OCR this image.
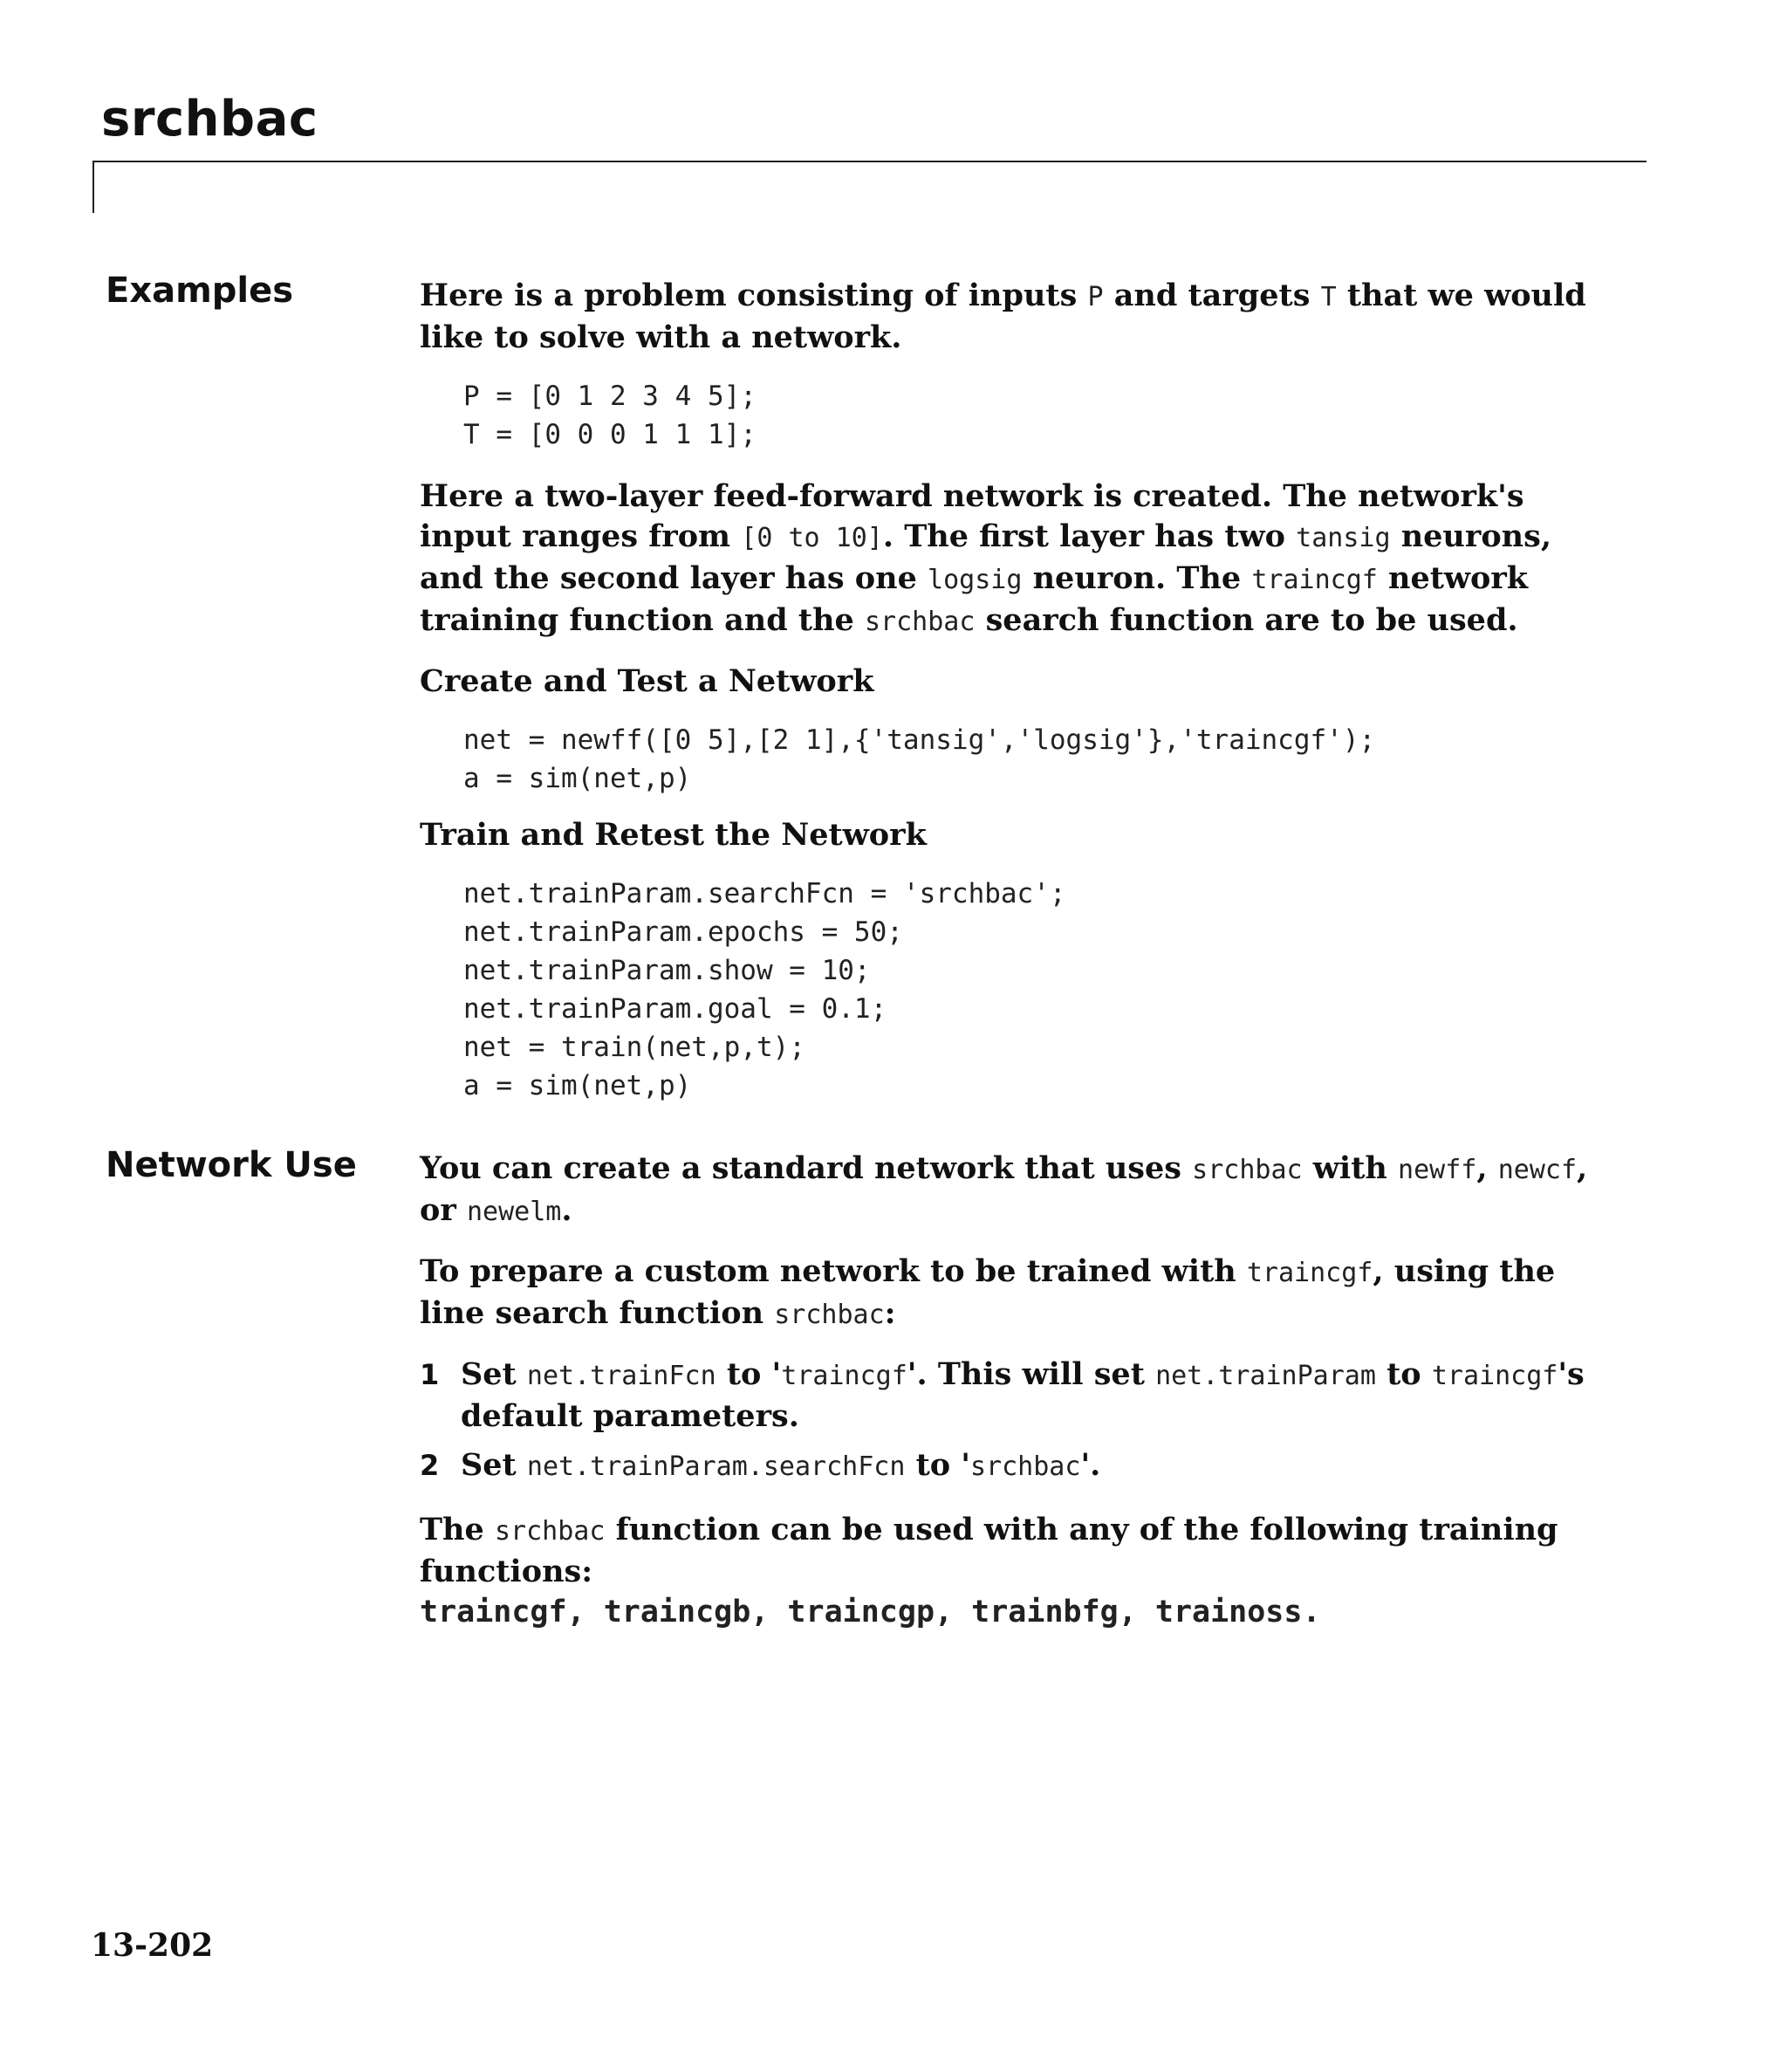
srchbac
Examples	Here is a problem consisting of inputs P and targets T that we would like to solve with a network.

P = [0 1 2 3 4 5];
T = [0 0 0 1 1 1];

Here a two-layer feed-forward network is created. The network's input ranges from [0 to 10]. The first layer has two tansig neurons, and the second layer has one logsig neuron. The traincgf network training function and the srchbac search function are to be used.

Create and Test a Network

net = newff([0 5],[2 1],{'tansig','logsig'},'traincgf');
a = sim(net,p)

Train and Retest the Network

net.trainParam.searchFcn = 'srchbac';
net.trainParam.epochs = 50;
net.trainParam.show = 10;
net.trainParam.goal = 0.1;
net = train(net,p,t);
a = sim(net,p)
Network Use You can create a standard network that uses srchbac with newff, newcf, or newelm.

To prepare a custom network to be trained with traincgf, using the line search function srchbac:

1 Set net.trainFcn to 'traincgf'. This will set net.trainParam to traincgf's default parameters.
2 Set net.trainParam.searchFcn to 'srchbac'.

The srchbac function can be used with any of the following training functions:

traincgf, traincgb, traincgp, trainbfg, trainoss.

13-202
